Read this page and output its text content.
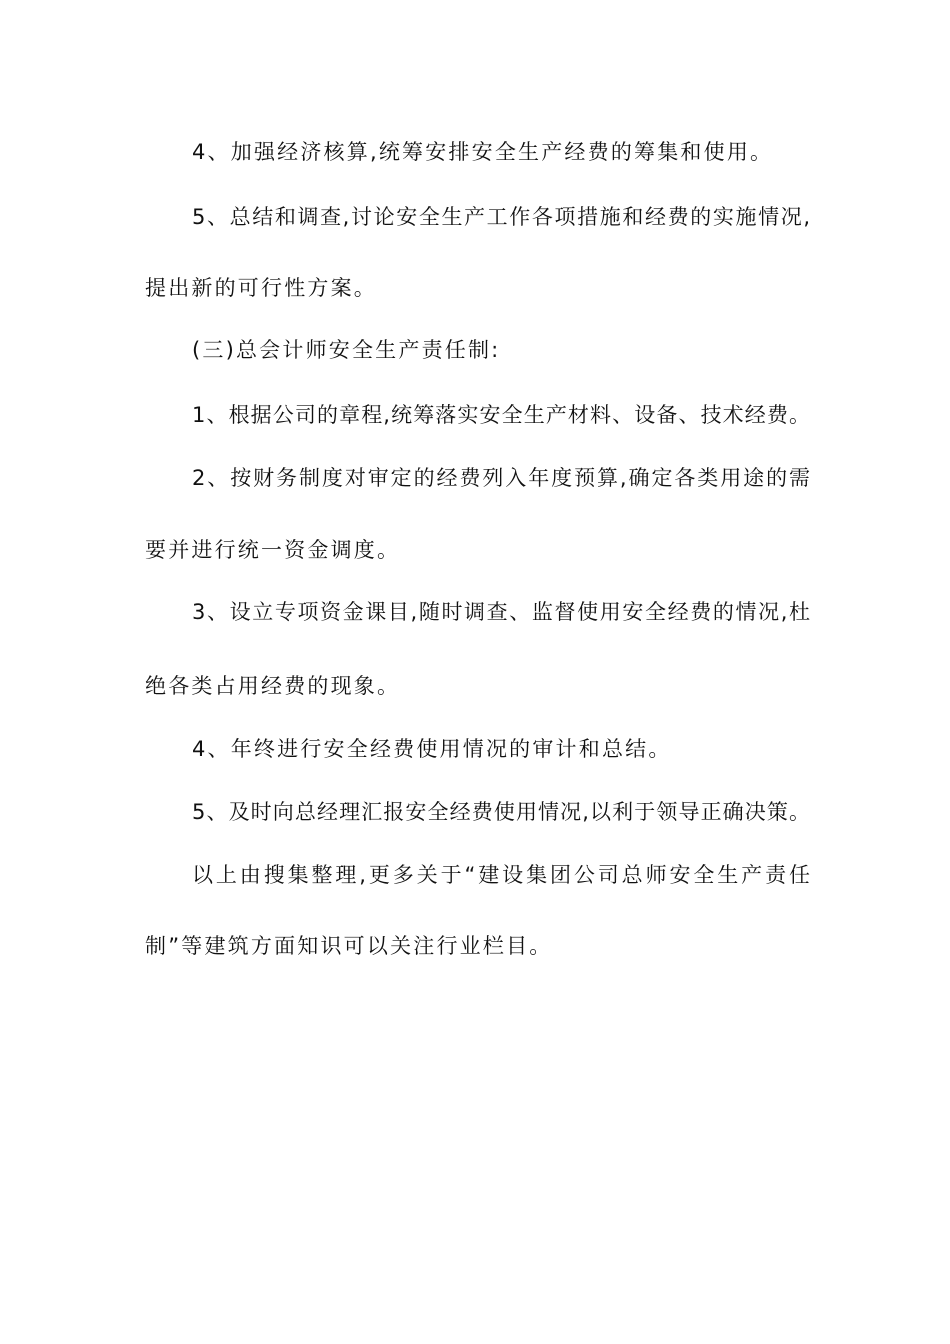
4、加强经济核算,统筹安排安全生产经费的筹集和使用。
5、总结和调查,讨论安全生产工作各项措施和经费的实施情况,
提出新的可行性方案。
(三)总会计师安全生产责任制:
1、根据公司的章程,统筹落实安全生产材料、设备、技术经费。
2、按财务制度对审定的经费列入年度预算,确定各类用途的需
要并进行统一资金调度。
3、设立专项资金课目,随时调查、监督使用安全经费的情况,杜
绝各类占用经费的现象。
4、年终进行安全经费使用情况的审计和总结。
5、及时向总经理汇报安全经费使用情况,以利于领导正确决策。
以上由搜集整理,更多关于“建设集团公司总师安全生产责任
制”等建筑方面知识可以关注行业栏目。
